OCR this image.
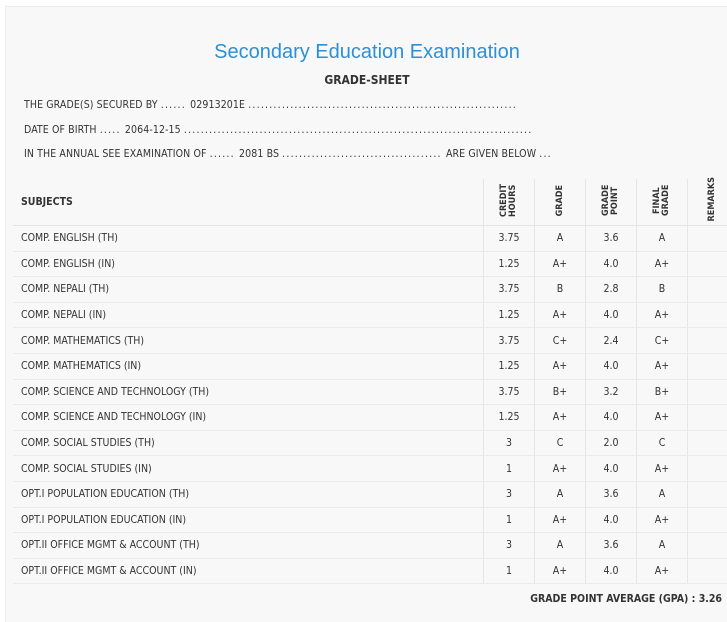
Secondary Education Examination
GRADE-SHEET
THE GRADE(S) SECURED BY ...... 02913201E ................................................................
DATE OF BIRTH ..... 2064-12-15 ...................................................................................
IN THE ANNUAL SEE EXAMINATION OF ...... 2081 BS ...................................... ARE GIVEN BELOW ...
SUBJECTS	CREDIT HOURS	GRADE	GRADE POINT	FINAL GRADE	REMARKS
COMP. ENGLISH (TH)	3.75	A	3.6	A	
COMP. ENGLISH (IN)	1.25	A+	4.0	A+	
COMP. NEPALI (TH)	3.75	B	2.8	B	
COMP. NEPALI (IN)	1.25	A+	4.0	A+	
COMP. MATHEMATICS (TH)	3.75	C+	2.4	C+	
COMP. MATHEMATICS (IN)	1.25	A+	4.0	A+	
COMP. SCIENCE AND TECHNOLOGY (TH)	3.75	B+	3.2	B+	
COMP. SCIENCE AND TECHNOLOGY (IN)	1.25	A+	4.0	A+	
COMP. SOCIAL STUDIES (TH)	3	C	2.0	C	
COMP. SOCIAL STUDIES (IN)	1	A+	4.0	A+	
OPT.I POPULATION EDUCATION (TH)	3	A	3.6	A	
OPT.I POPULATION EDUCATION (IN)	1	A+	4.0	A+	
OPT.II OFFICE MGMT & ACCOUNT (TH)	3	A	3.6	A	
OPT.II OFFICE MGMT & ACCOUNT (IN)	1	A+	4.0	A+	
GRADE POINT AVERAGE (GPA) : 3.26
